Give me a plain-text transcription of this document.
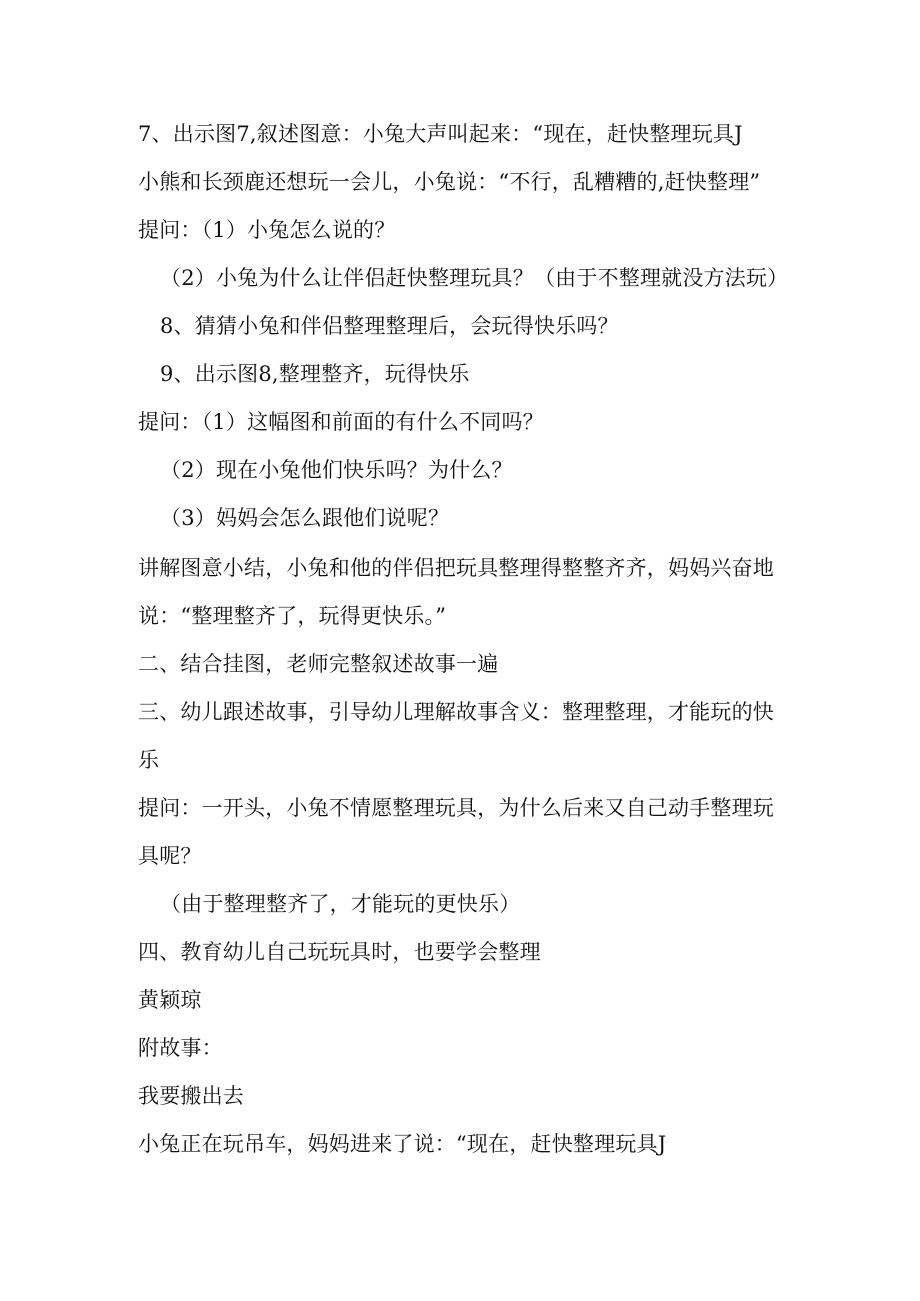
7、出示图7,叙述图意：小兔大声叫起来：“现在，赶快整理玩具J
小熊和长颈鹿还想玩一会儿，小兔说：“不行，乱糟糟的,赶快整理”
提问：（1）小兔怎么说的？
（2）小兔为什么让伴侣赶快整理玩具？（由于不整理就没方法玩）
8、猜猜小兔和伴侣整理整理后，会玩得快乐吗？
9、出示图8,整理整齐，玩得快乐
提问：（1）这幅图和前面的有什么不同吗？
（2）现在小兔他们快乐吗？为什么？
（3）妈妈会怎么跟他们说呢？
讲解图意小结，小兔和他的伴侣把玩具整理得整整齐齐，妈妈兴奋地
说：“整理整齐了，玩得更快乐。”
二、结合挂图，老师完整叙述故事一遍
三、幼儿跟述故事，引导幼儿理解故事含义：整理整理，才能玩的快
乐
提问：一开头，小兔不情愿整理玩具，为什么后来又自己动手整理玩
具呢？
（由于整理整齐了，才能玩的更快乐）
四、教育幼儿自己玩玩具时，也要学会整理
黄颖琼
附故事：
我要搬出去
小兔正在玩吊车，妈妈进来了说：“现在，赶快整理玩具J
